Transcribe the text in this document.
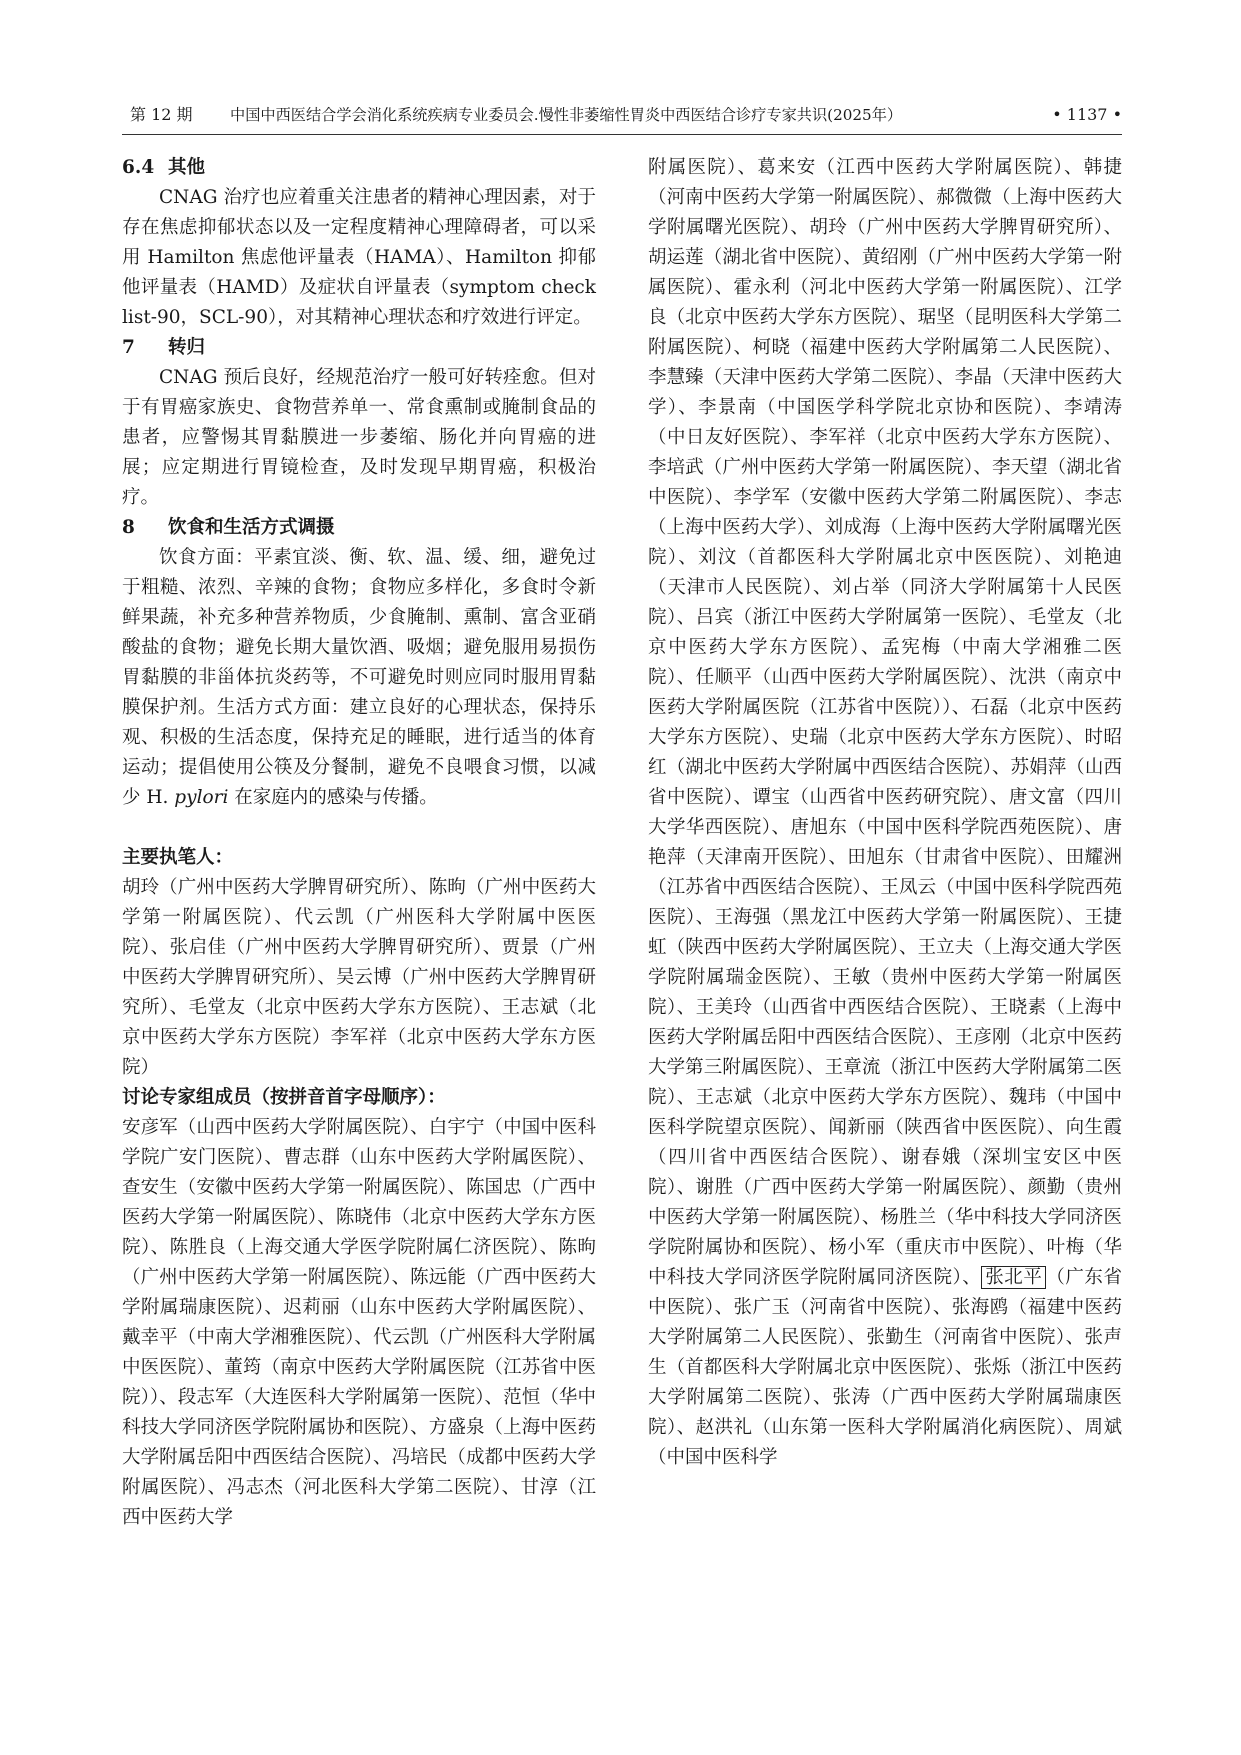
第 12 期 中国中西医结合学会消化系统疾病专业委员会.慢性非萎缩性胃炎中西医结合诊疗专家共识(2025年）	• 1137 •
6.4 其他

CNAG 治疗也应着重关注患者的精神心理因素，对于存在焦虑抑郁状态以及一定程度精神心理障碍者，可以采用 Hamilton 焦虑他评量表（HAMA）、Hamilton 抑郁他评量表（HAMD）及症状自评量表（symptom check list-90，SCL-90），对其精神心理状态和疗效进行评定。

7 转归

CNAG 预后良好，经规范治疗一般可好转痊愈。但对于有胃癌家族史、食物营养单一、常食熏制或腌制食品的患者，应警惕其胃黏膜进一步萎缩、肠化并向胃癌的进展；应定期进行胃镜检查，及时发现早期胃癌，积极治疗。

8 饮食和生活方式调摄

饮食方面：平素宜淡、衡、软、温、缓、细，避免过于粗糙、浓烈、辛辣的食物；食物应多样化，多食时令新鲜果蔬，补充多种营养物质，少食腌制、熏制、富含亚硝酸盐的食物；避免长期大量饮酒、吸烟；避免服用易损伤胃黏膜的非甾体抗炎药等，不可避免时则应同时服用胃黏膜保护剂。生活方式方面：建立良好的心理状态，保持乐观、积极的生活态度，保持充足的睡眠，进行适当的体育运动；提倡使用公筷及分餐制，避免不良喂食习惯，以减少 H. pylori 在家庭内的感染与传播。

主要执笔人：

胡玲（广州中医药大学脾胃研究所）、陈昫（广州中医药大学第一附属医院）、代云凯（广州医科大学附属中医医院）、张启佳（广州中医药大学脾胃研究所）、贾景（广州中医药大学脾胃研究所）、吴云博（广州中医药大学脾胃研究所）、毛堂友（北京中医药大学东方医院）、王志斌（北京中医药大学东方医院）李军祥（北京中医药大学东方医院）

讨论专家组成员（按拼音首字母顺序）：

安彦军（山西中医药大学附属医院）、白宇宁（中国中医科学院广安门医院）、曹志群（山东中医药大学附属医院）、查安生（安徽中医药大学第一附属医院）、陈国忠（广西中医药大学第一附属医院）、陈晓伟（北京中医药大学东方医院）、陈胜良（上海交通大学医学院附属仁济医院）、陈昫（广州中医药大学第一附属医院）、陈远能（广西中医药大学附属瑞康医院）、迟莉丽（山东中医药大学附属医院）、戴幸平（中南大学湘雅医院）、代云凯（广州医科大学附属中医医院）、董筠（南京中医药大学附属医院（江苏省中医院））、段志军（大连医科大学附属第一医院）、范恒（华中科技大学同济医学院附属协和医院）、方盛泉（上海中医药大学附属岳阳中西医结合医院）、冯培民（成都中医药大学附属医院）、冯志杰（河北医科大学第二医院）、甘淳（江西中医药大学

附属医院）、葛来安（江西中医药大学附属医院）、韩捷（河南中医药大学第一附属医院）、郝微微（上海中医药大学附属曙光医院）、胡玲（广州中医药大学脾胃研究所）、胡运莲（湖北省中医院）、黄绍刚（广州中医药大学第一附属医院）、霍永利（河北中医药大学第一附属医院）、江学良（北京中医药大学东方医院）、琚坚（昆明医科大学第二附属医院）、柯晓（福建中医药大学附属第二人民医院）、李慧臻（天津中医药大学第二医院）、李晶（天津中医药大学）、李景南（中国医学科学院北京协和医院）、李靖涛（中日友好医院）、李军祥（北京中医药大学东方医院）、李培武（广州中医药大学第一附属医院）、李天望（湖北省中医院）、李学军（安徽中医药大学第二附属医院）、李志（上海中医药大学）、刘成海（上海中医药大学附属曙光医院）、刘汶（首都医科大学附属北京中医医院）、刘艳迪（天津市人民医院）、刘占举（同济大学附属第十人民医院）、吕宾（浙江中医药大学附属第一医院）、毛堂友（北京中医药大学东方医院）、孟宪梅（中南大学湘雅二医院）、任顺平（山西中医药大学附属医院）、沈洪（南京中医药大学附属医院（江苏省中医院））、石磊（北京中医药大学东方医院）、史瑞（北京中医药大学东方医院）、时昭红（湖北中医药大学附属中西医结合医院）、苏娟萍（山西省中医院）、谭宝（山西省中医药研究院）、唐文富（四川大学华西医院）、唐旭东（中国中医科学院西苑医院）、唐艳萍（天津南开医院）、田旭东（甘肃省中医院）、田耀洲（江苏省中西医结合医院）、王凤云（中国中医科学院西苑医院）、王海强（黑龙江中医药大学第一附属医院）、王捷虹（陕西中医药大学附属医院）、王立夫（上海交通大学医学院附属瑞金医院）、王敏（贵州中医药大学第一附属医院）、王美玲（山西省中西医结合医院）、王晓素（上海中医药大学附属岳阳中西医结合医院）、王彦刚（北京中医药大学第三附属医院）、王章流（浙江中医药大学附属第二医院）、王志斌（北京中医药大学东方医院）、魏玮（中国中医科学院望京医院）、闻新丽（陕西省中医医院）、向生霞（四川省中西医结合医院）、谢春娥（深圳宝安区中医院）、谢胜（广西中医药大学第一附属医院）、颜勤（贵州中医药大学第一附属医院）、杨胜兰（华中科技大学同济医学院附属协和医院）、杨小军（重庆市中医院）、叶梅（华中科技大学同济医学院附属同济医院）、 张北平 （广东省中医院）、张广玉（河南省中医院）、张海鸥（福建中医药大学附属第二人民医院）、张勤生（河南省中医院）、张声生（首都医科大学附属北京中医医院）、张烁（浙江中医药大学附属第二医院）、张涛（广西中医药大学附属瑞康医院）、赵洪礼（山东第一医科大学附属消化病医院）、周斌（中国中医科学
